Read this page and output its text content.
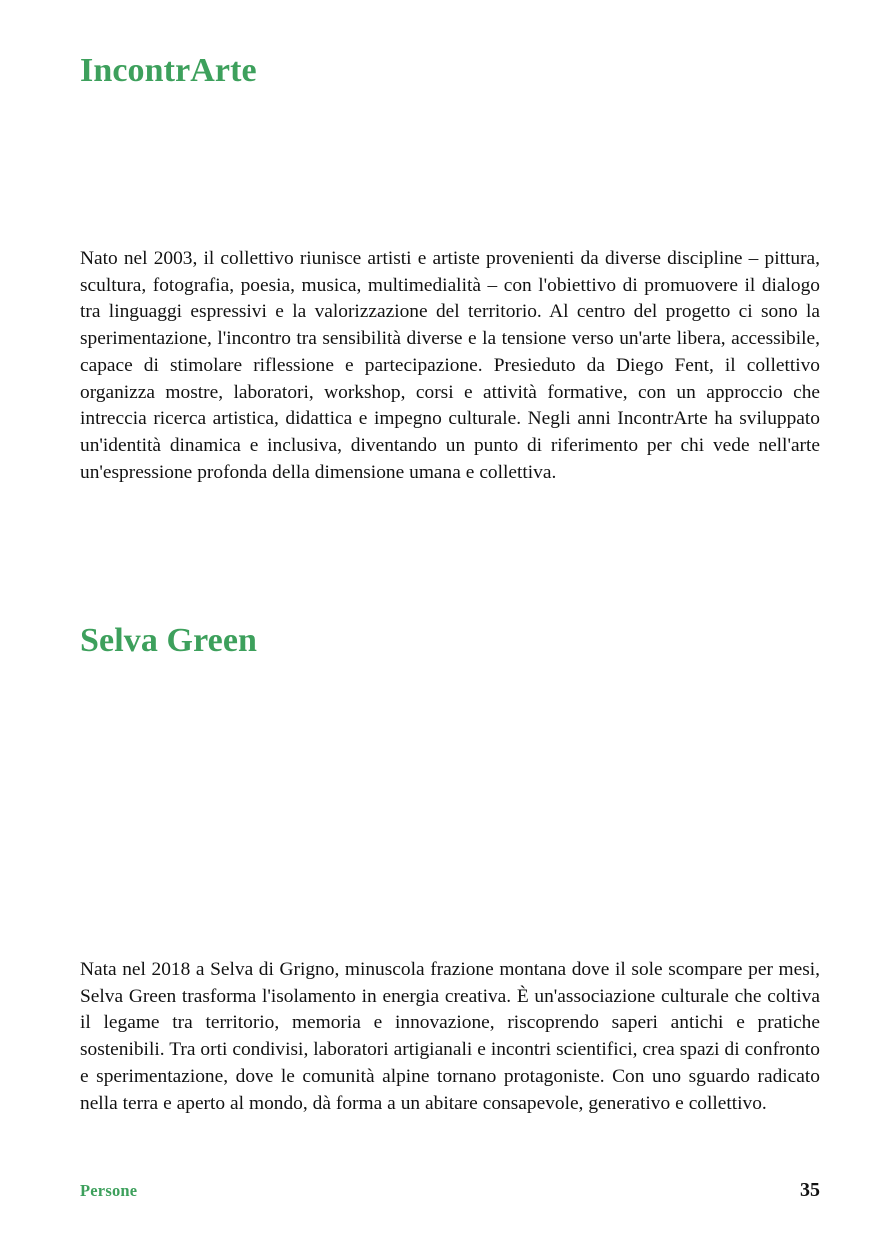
IncontrArte

Nato nel 2003, il collettivo riunisce artisti e artiste provenienti da diverse discipline – pittura, scultura, fotografia, poesia, musica, multimedialità – con l'obiettivo di promuovere il dialogo tra linguaggi espressivi e la valorizzazione del territorio. Al centro del progetto ci sono la sperimentazione, l'incontro tra sensibilità diverse e la tensione verso un'arte libera, accessibile, capace di stimolare riflessione e partecipazione. Presieduto da Diego Fent, il collettivo organizza mostre, laboratori, workshop, corsi e attività formative, con un approccio che intreccia ricerca artistica, didattica e impegno culturale. Negli anni IncontrArte ha sviluppato un'identità dinamica e inclusiva, diventando un punto di riferimento per chi vede nell'arte un'espressione profonda della dimensione umana e collettiva.

Selva Green

Nata nel 2018 a Selva di Grigno, minuscola frazione montana dove il sole scompare per mesi, Selva Green trasforma l'isolamento in energia creativa. È un'associazione culturale che coltiva il legame tra territorio, memoria e innovazione, riscoprendo saperi antichi e pratiche sostenibili. Tra orti condivisi, laboratori artigianali e incontri scientifici, crea spazi di confronto e sperimentazione, dove le comunità alpine tornano protagoniste. Con uno sguardo radicato nella terra e aperto al mondo, dà forma a un abitare consapevole, generativo e collettivo.

Persone	35
